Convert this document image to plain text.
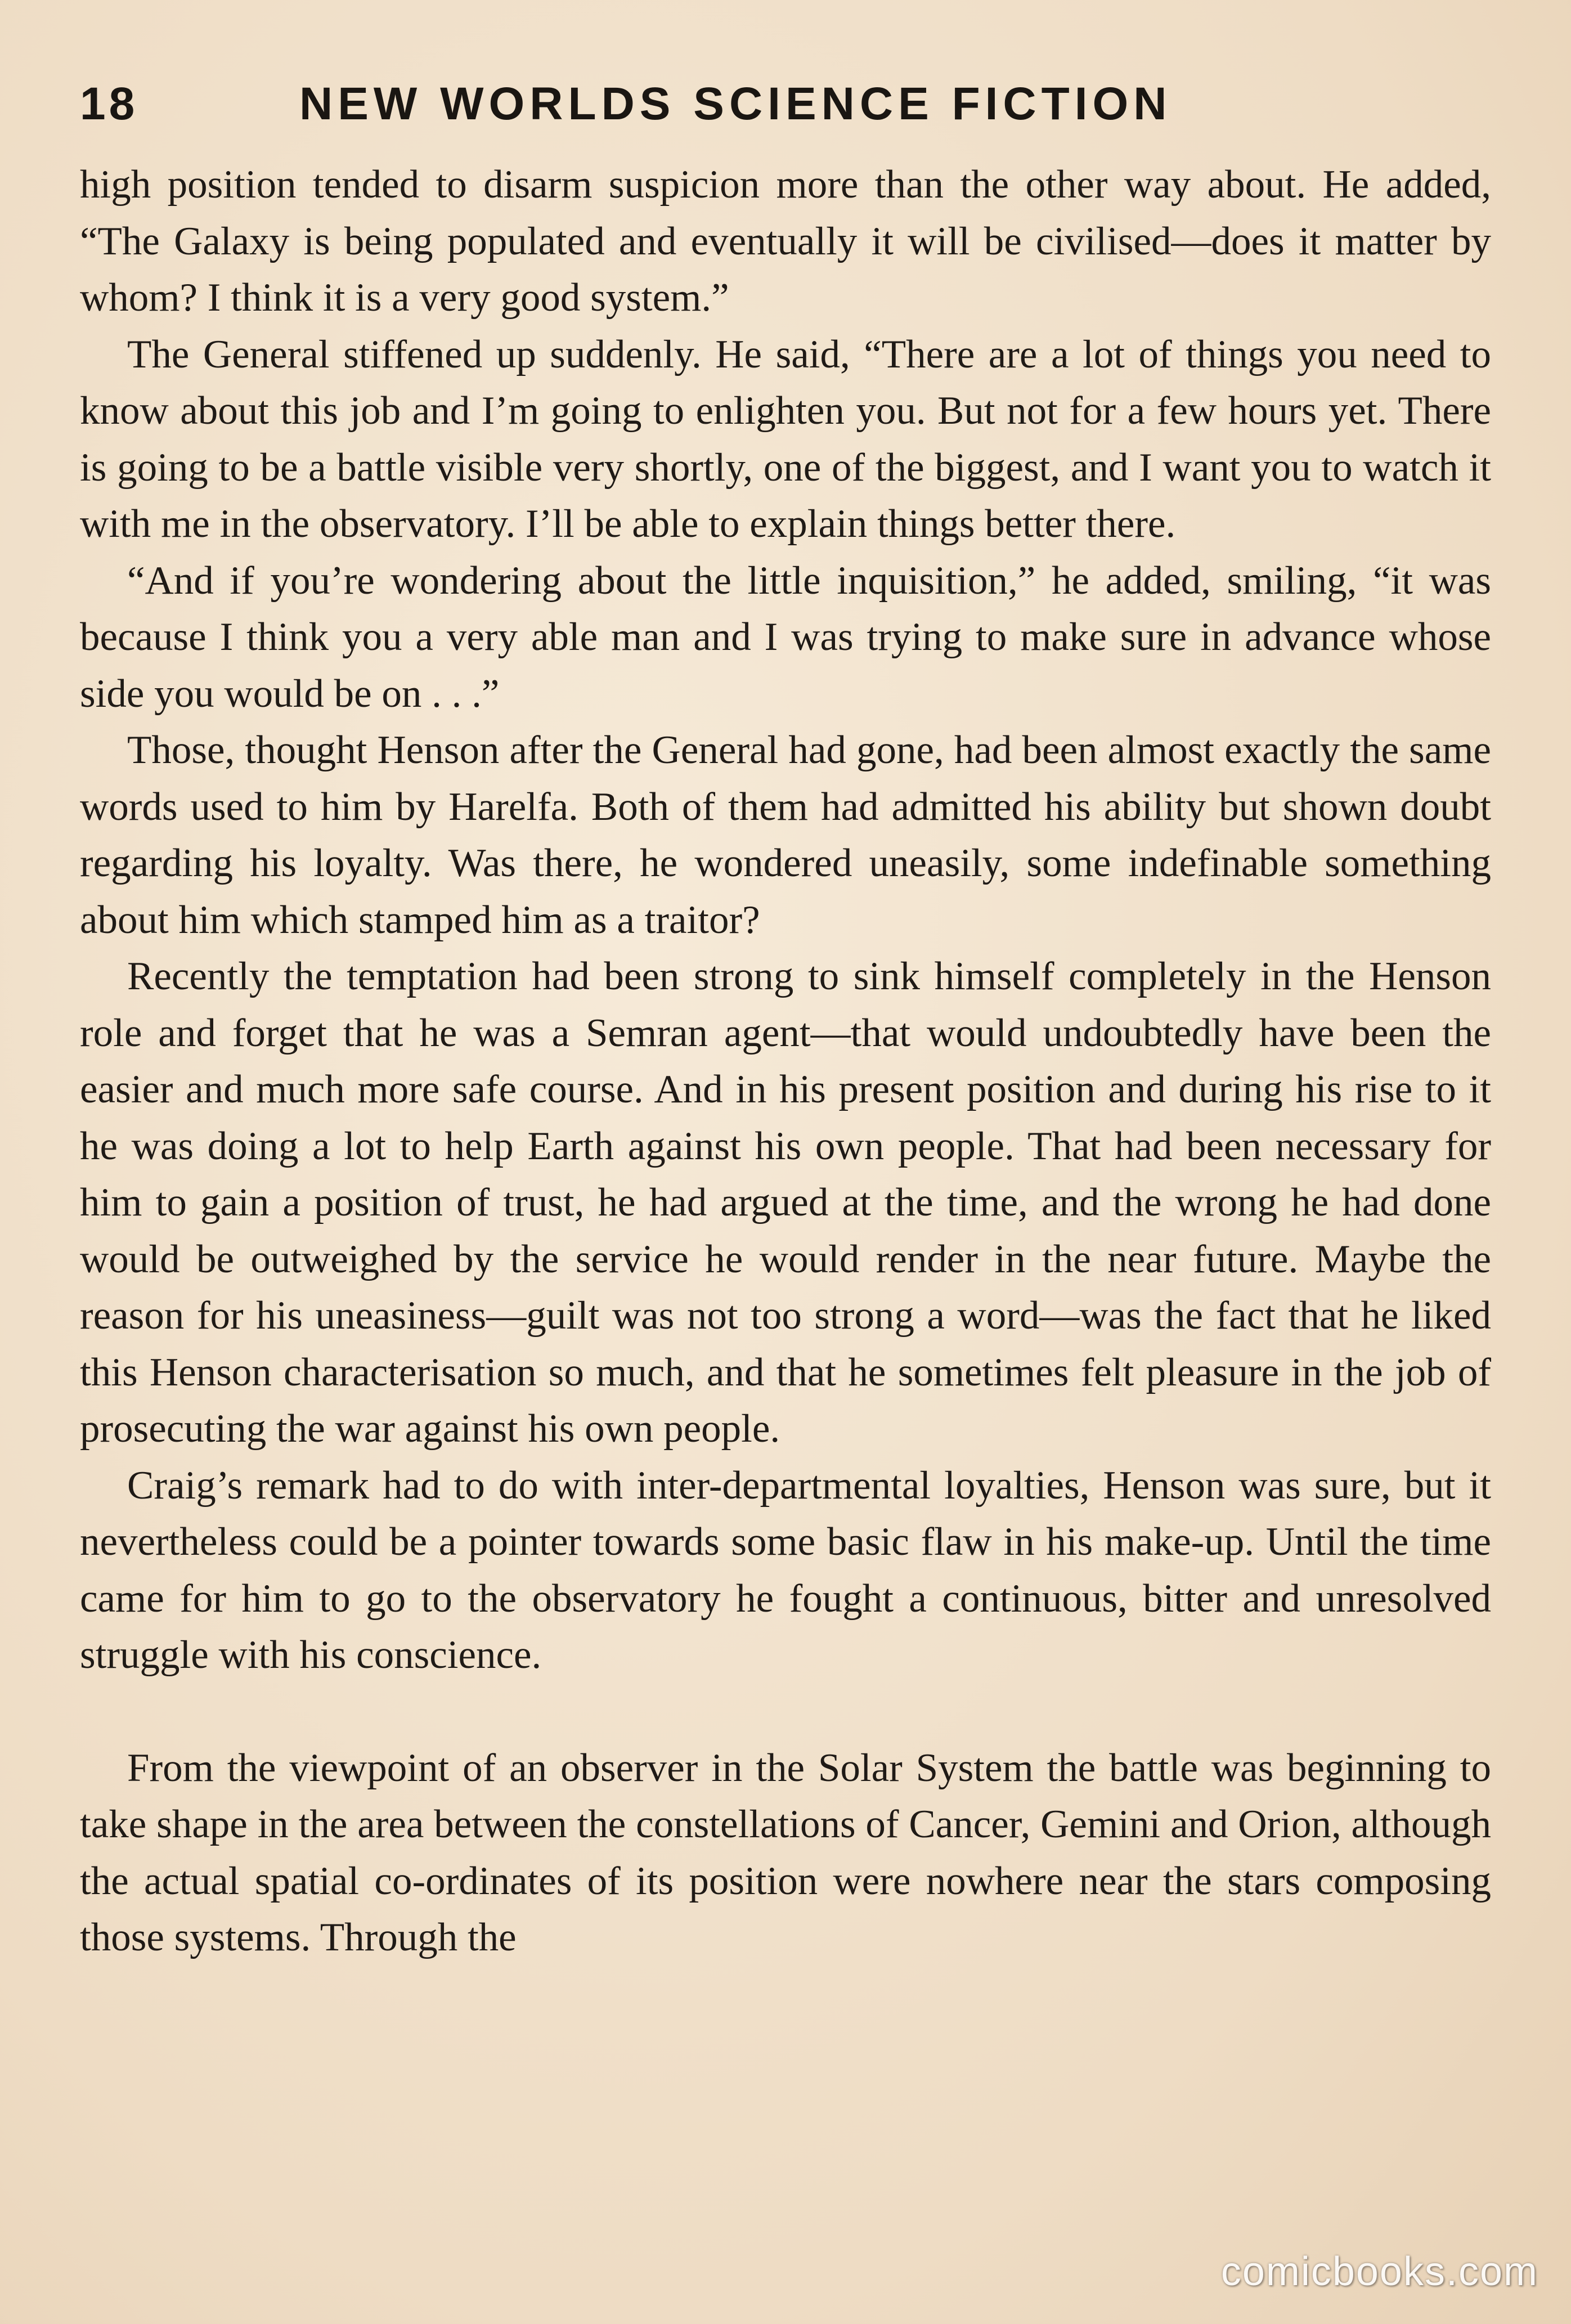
18	NEW WORLDS SCIENCE FICTION

high position tended to disarm suspicion more than the other way about. He added, “The Galaxy is being populated and eventually it will be civilised—does it matter by whom? I think it is a very good system.”

The General stiffened up suddenly. He said, “There are a lot of things you need to know about this job and I’m going to enlighten you. But not for a few hours yet. There is going to be a battle visible very shortly, one of the biggest, and I want you to watch it with me in the observatory. I’ll be able to explain things better there.

“And if you’re wondering about the little inquisition,” he added, smiling, “it was because I think you a very able man and I was trying to make sure in advance whose side you would be on . . .”

Those, thought Henson after the General had gone, had been almost exactly the same words used to him by Harelfa. Both of them had admitted his ability but shown doubt regarding his loyalty. Was there, he wondered uneasily, some indefinable something about him which stamped him as a traitor?

Recently the temptation had been strong to sink himself completely in the Henson role and forget that he was a Semran agent—that would undoubtedly have been the easier and much more safe course. And in his present position and during his rise to it he was doing a lot to help Earth against his own people. That had been necessary for him to gain a position of trust, he had argued at the time, and the wrong he had done would be outweighed by the service he would render in the near future. Maybe the reason for his uneasiness—guilt was not too strong a word—was the fact that he liked this Henson characterisation so much, and that he sometimes felt pleasure in the job of prosecuting the war against his own people.

Craig’s remark had to do with inter-departmental loyalties, Henson was sure, but it nevertheless could be a pointer towards some basic flaw in his make-up. Until the time came for him to go to the observatory he fought a continuous, bitter and unresolved struggle with his conscience.

From the viewpoint of an observer in the Solar System the battle was beginning to take shape in the area between the constellations of Cancer, Gemini and Orion, although the actual spatial co-ordinates of its position were nowhere near the stars composing those systems. Through the

comicbooks.com
